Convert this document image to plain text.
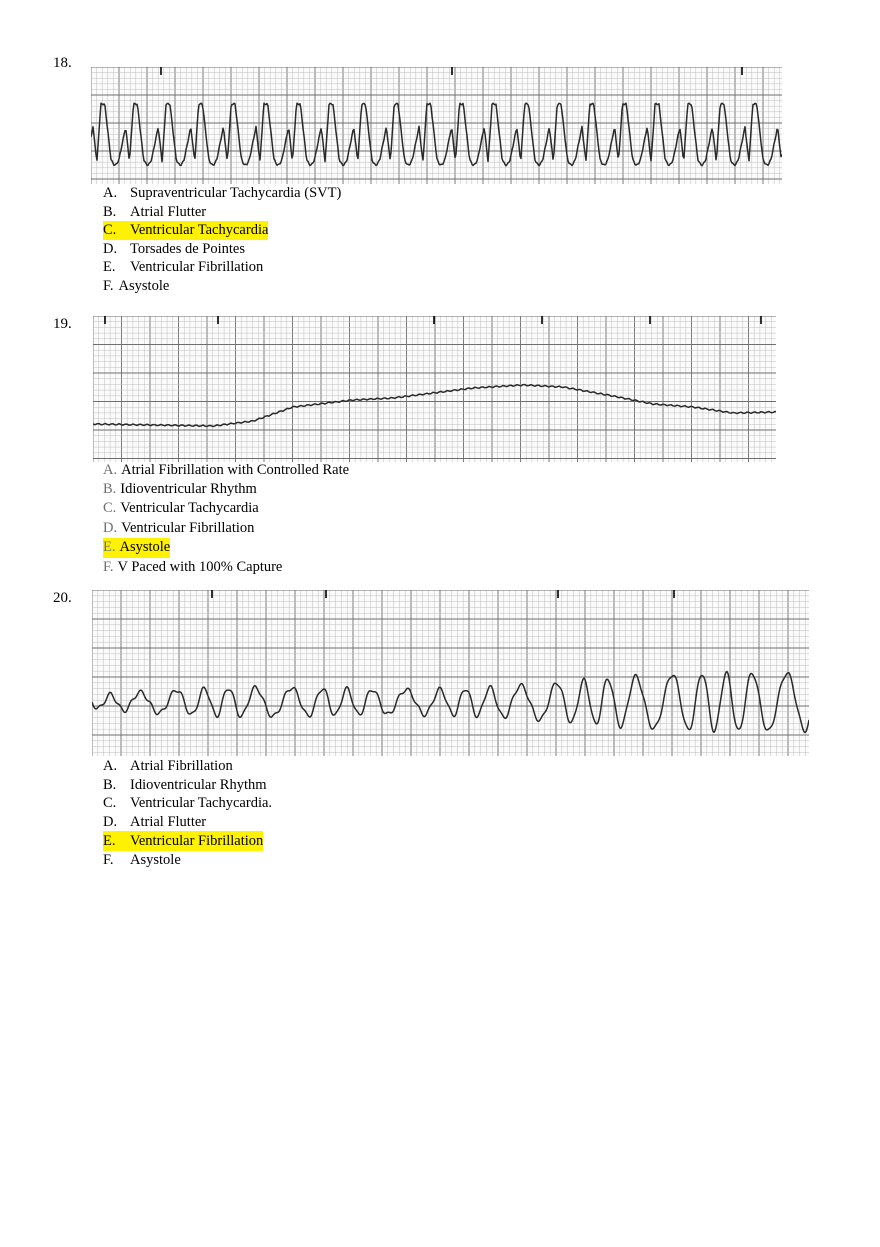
18.
A. Supraventricular Tachycardia (SVT)
B. Atrial Flutter
C. Ventricular Tachycardia
D. Torsades de Pointes
E. Ventricular Fibrillation
F. Asystole
19.
A. Atrial Fibrillation with Controlled Rate
B. Idioventricular Rhythm
C. Ventricular Tachycardia
D. Ventricular Fibrillation
E. Asystole
F. V Paced with 100% Capture
20.
A. Atrial Fibrillation
B. Idioventricular Rhythm
C. Ventricular Tachycardia.
D. Atrial Flutter
E. Ventricular Fibrillation
F. Asystole
